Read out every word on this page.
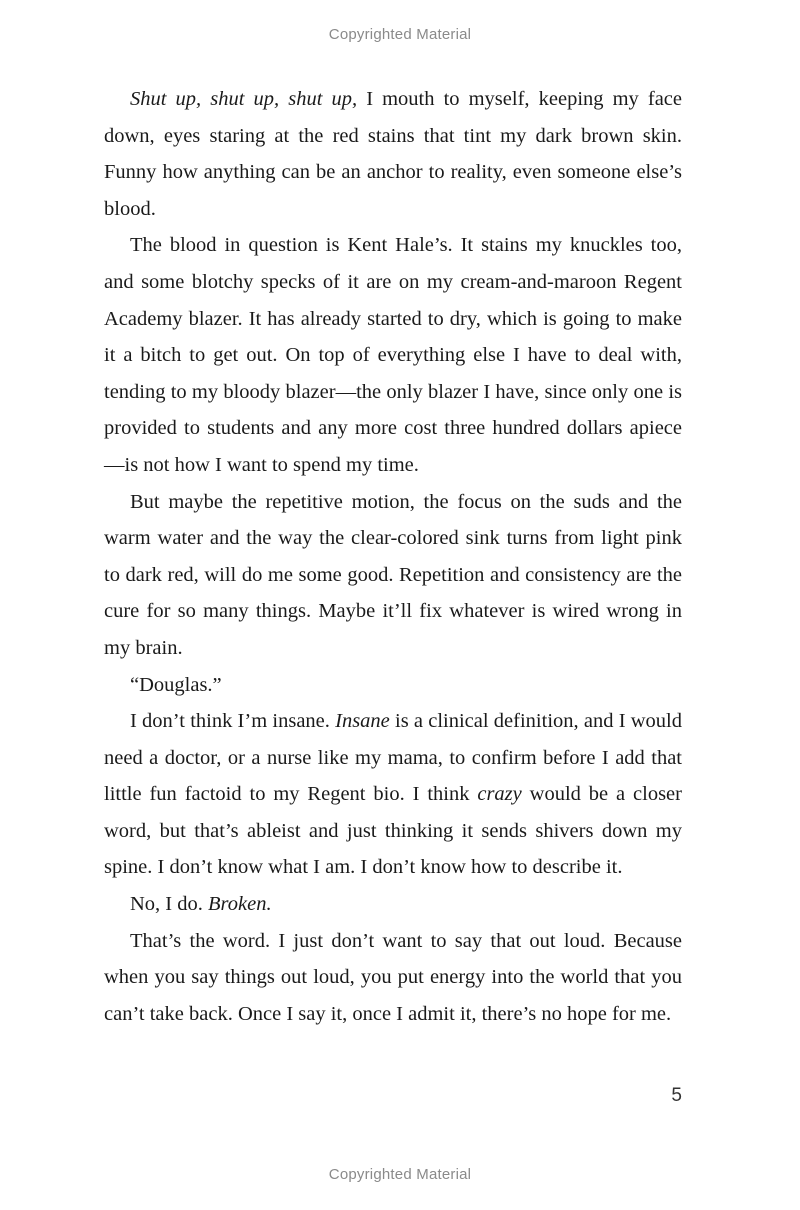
Copyrighted Material

Shut up, shut up, shut up, I mouth to myself, keeping my face down, eyes staring at the red stains that tint my dark brown skin. Funny how anything can be an anchor to reality, even someone else’s blood.

The blood in question is Kent Hale’s. It stains my knuckles too, and some blotchy specks of it are on my cream-and-maroon Regent Academy blazer. It has already started to dry, which is going to make it a bitch to get out. On top of everything else I have to deal with, tending to my bloody blazer—the only blazer I have, since only one is provided to students and any more cost three hundred dollars apiece—is not how I want to spend my time.

But maybe the repetitive motion, the focus on the suds and the warm water and the way the clear-colored sink turns from light pink to dark red, will do me some good. Repetition and consistency are the cure for so many things. Maybe it’ll fix whatever is wired wrong in my brain.

“Douglas.”

I don’t think I’m insane. Insane is a clinical definition, and I would need a doctor, or a nurse like my mama, to confirm before I add that little fun factoid to my Regent bio. I think crazy would be a closer word, but that’s ableist and just thinking it sends shivers down my spine. I don’t know what I am. I don’t know how to describe it.

No, I do. Broken.

That’s the word. I just don’t want to say that out loud. Because when you say things out loud, you put energy into the world that you can’t take back. Once I say it, once I admit it, there’s no hope for me.

5
Copyrighted Material
